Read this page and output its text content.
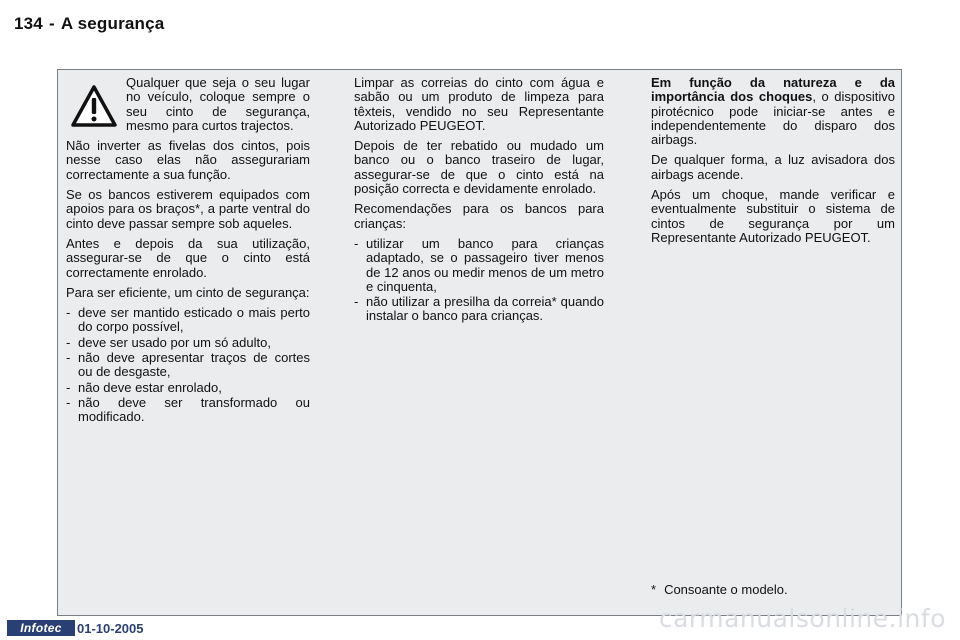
134 - A segurança

Qualquer que seja o seu lugar no veículo, coloque sempre o seu cinto de segurança, mesmo para curtos trajectos.

Não inverter as fivelas dos cintos, pois nesse caso elas não assegurariam correctamente a sua função.

Se os bancos estiverem equipados com apoios para os braços*, a parte ventral do cinto deve passar sempre sob aqueles.

Antes e depois da sua utilização, assegurar-se de que o cinto está correctamente enrolado.

Para ser eficiente, um cinto de segurança:

- deve ser mantido esticado o mais perto do corpo possível,
- deve ser usado por um só adulto,
- não deve apresentar traços de cortes ou de desgaste,
- não deve estar enrolado,
- não deve ser transformado ou modificado.

Limpar as correias do cinto com água e sabão ou um produto de limpeza para têxteis, vendido no seu Representante Autorizado PEUGEOT.

Depois de ter rebatido ou mudado um banco ou o banco traseiro de lugar, assegurar-se de que o cinto está na posição correcta e devidamente enrolado.

Recomendações para os bancos para crianças:

- utilizar um banco para crianças adaptado, se o passageiro tiver menos de 12 anos ou medir menos de um metro e cinquenta,
- não utilizar a presilha da correia* quando instalar o banco para crianças.

Em função da natureza e da importância dos choques, o dispositivo pirotécnico pode iniciar-se antes e independentemente do disparo dos airbags.

De qualquer forma, a luz avisadora dos airbags acende.

Após um choque, mande verificar e eventualmente substituir o sistema de cintos de segurança por um Representante Autorizado PEUGEOT.

* Consoante o modelo.
Infotec	01-10-2005	carmanualsonline.info
